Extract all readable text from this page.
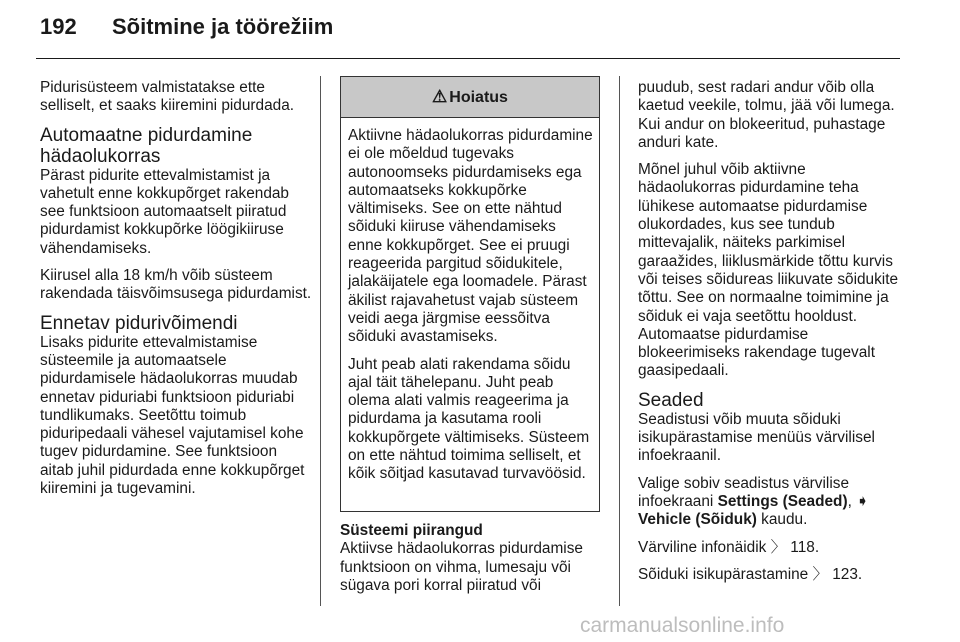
192 Sõitmine ja töörežiim

Pidurisüsteem valmistatakse ette selliselt, et saaks kiiremini pidurdada.

Automaatne pidurdamine hädaolukorras

Pärast pidurite ettevalmistamist ja vahetult enne kokkupõrget rakendab see funktsioon automaatselt piiratud pidurdamist kokkupõrke löögikiiruse vähendamiseks.

Kiirusel alla 18 km/h võib süsteem rakendada täisvõimsusega pidurdamist.

Ennetav pidurivõimendi

Lisaks pidurite ettevalmistamise süsteemile ja automaatsele pidurdamisele hädaolukorras muudab ennetav piduriabi funktsioon piduriabi tundlikumaks. Seetõttu toimub piduripedaali vähesel vajutamisel kohe tugev pidurdamine. See funktsioon aitab juhil pidurdada enne kokkupõrget kiiremini ja tugevamini.

⚠ Hoiatus

Aktiivne hädaolukorras pidurdamine ei ole mõeldud tugevaks autonoomseks pidurdamiseks ega automaatseks kokkupõrke vältimiseks. See on ette nähtud sõiduki kiiruse vähendamiseks enne kokkupõrget. See ei pruugi reageerida pargitud sõidukitele, jalakäijatele ega loomadele. Pärast äkilist rajavahetust vajab süsteem veidi aega järgmise eessõitva sõiduki avastamiseks.

Juht peab alati rakendama sõidu ajal täit tähelepanu. Juht peab olema alati valmis reageerima ja pidurdama ja kasutama rooli kokkupõrgete vältimiseks. Süsteem on ette nähtud toimima selliselt, et kõik sõitjad kasutavad turvavöösid.

Süsteemi piirangud

Aktiivse hädaolukorras pidurdamise funktsioon on vihma, lumesaju või sügava pori korral piiratud või

puudub, sest radari andur võib olla kaetud veekile, tolmu, jää või lumega. Kui andur on blokeeritud, puhastage anduri kate.

Mõnel juhul võib aktiivne hädaolukorras pidurdamine teha lühikese automaatse pidurdamise olukordades, kus see tundub mittevajalik, näiteks parkimisel garaažides, liiklusmärkide tõttu kurvis või teises sõidureas liikuvate sõidukite tõttu. See on normaalne toimimine ja sõiduk ei vaja seetõttu hooldust. Automaatse pidurdamise blokeerimiseks rakendage tugevalt gaasipedaali.

Seaded

Seadistusi võib muuta sõiduki isikupärastamise menüüs värvilisel infoekraanil.

Valige sobiv seadistus värvilise infoekraani Settings (Seaded), ➧
Vehicle (Sõiduk) kaudu.

Värviline infonäidik 〉 118.

Sõiduki isikupärastamine 〉 123.

carmanualsonline.info
